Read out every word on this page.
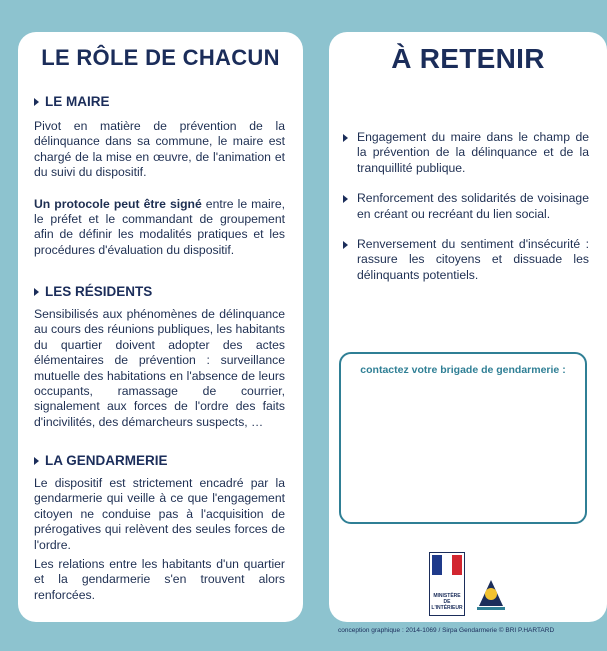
LE RÔLE DE CHACUN
LE MAIRE

Pivot en matière de prévention de la délinquance dans sa commune, le maire est chargé de la mise en œuvre, de l'animation et du suivi du dispositif.

Un protocole peut être signé entre le maire, le préfet et le commandant de groupement afin de définir les modalités pratiques et les procédures d'évaluation du dispositif.

LES RÉSIDENTS

Sensibilisés aux phénomènes de délinquance au cours des réunions publiques, les habitants du quartier doivent adopter des actes élémentaires de prévention : surveillance mutuelle des habitations en l'absence de leurs occupants, ramassage de courrier, signalement aux forces de l'ordre des faits d'incivilités, des démarcheurs suspects, …

LA GENDARMERIE

Le dispositif est strictement encadré par la gendarmerie qui veille à ce que l'engagement citoyen ne conduise pas à l'acquisition de prérogatives qui relèvent des seules forces de l'ordre.

Les relations entre les habitants d'un quartier et la gendarmerie s'en trouvent alors renforcées.

À RETENIR
Engagement du maire dans le champ de la prévention de la délinquance et de la tranquillité publique.
Renforcement des solidarités de voisinage en créant ou recréant du lien social.
Renversement du sentiment d'insécurité : rassure les citoyens et dissuade les délinquants potentiels.
contactez votre brigade de gendarmerie :
MINISTÈRE DE L'INTÉRIEUR
conception graphique : 2014-1069 / Sirpa Gendarmerie © BRI P.HARTARD
